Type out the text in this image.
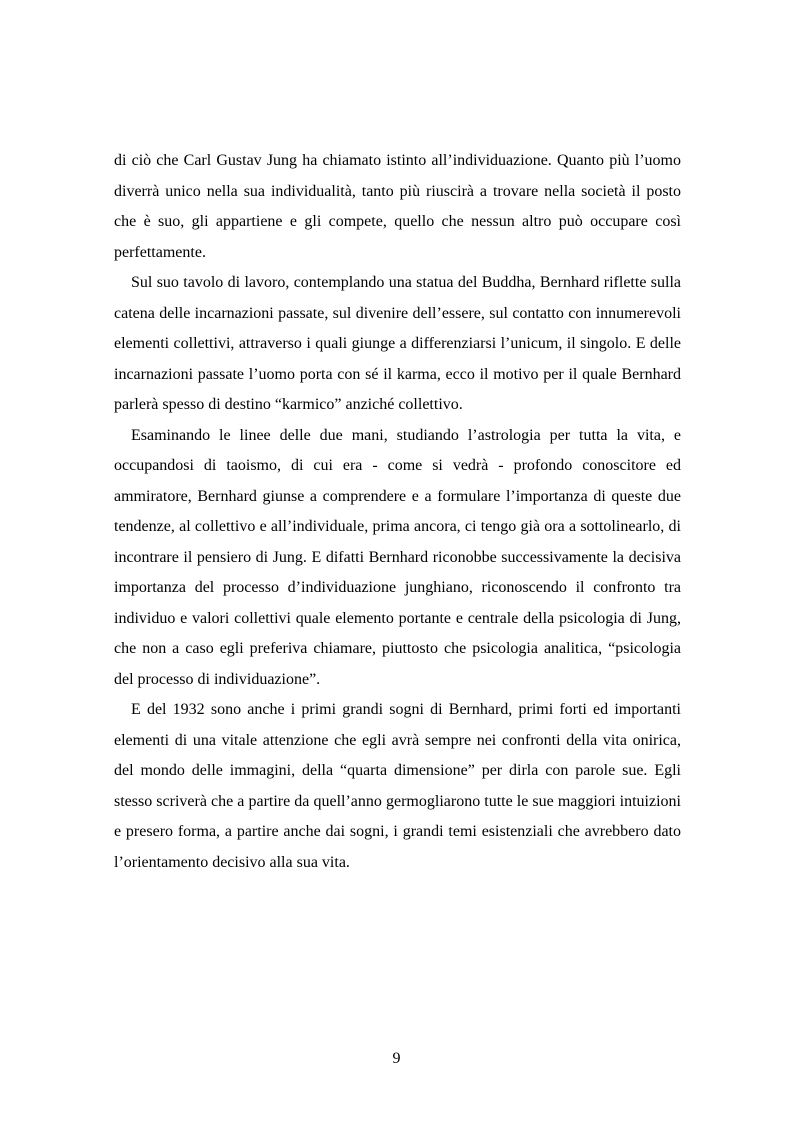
di ciò che Carl Gustav Jung ha chiamato istinto all’individuazione. Quanto più l’uomo diverrà unico nella sua individualità, tanto più riuscirà a trovare nella società il posto che è suo, gli appartiene e gli compete, quello che nessun altro può occupare così perfettamente.

Sul suo tavolo di lavoro, contemplando una statua del Buddha, Bernhard riflette sulla catena delle incarnazioni passate, sul divenire dell’essere, sul contatto con innumerevoli elementi collettivi, attraverso i quali giunge a differenziarsi l’unicum, il singolo. E delle incarnazioni passate l’uomo porta con sé il karma, ecco il motivo per il quale Bernhard parlerà spesso di destino “karmico” anziché collettivo.

Esaminando le linee delle due mani, studiando l’astrologia per tutta la vita, e occupandosi di taoismo, di cui era - come si vedrà - profondo conoscitore ed ammiratore, Bernhard giunse a comprendere e a formulare l’importanza di queste due tendenze, al collettivo e all’individuale, prima ancora, ci tengo già ora a sottolinearlo, di incontrare il pensiero di Jung. E difatti Bernhard riconobbe successivamente la decisiva importanza del processo d’individuazione junghiano, riconoscendo il confronto tra individuo e valori collettivi quale elemento portante e centrale della psicologia di Jung, che non a caso egli preferiva chiamare, piuttosto che psicologia analitica, “psicologia del processo di individuazione”.

E del 1932 sono anche i primi grandi sogni di Bernhard, primi forti ed importanti elementi di una vitale attenzione che egli avrà sempre nei confronti della vita onirica, del mondo delle immagini, della “quarta dimensione” per dirla con parole sue. Egli stesso scriverà che a partire da quell’anno germogliarono tutte le sue maggiori intuizioni e presero forma, a partire anche dai sogni, i grandi temi esistenziali che avrebbero dato l’orientamento decisivo alla sua vita.

9
